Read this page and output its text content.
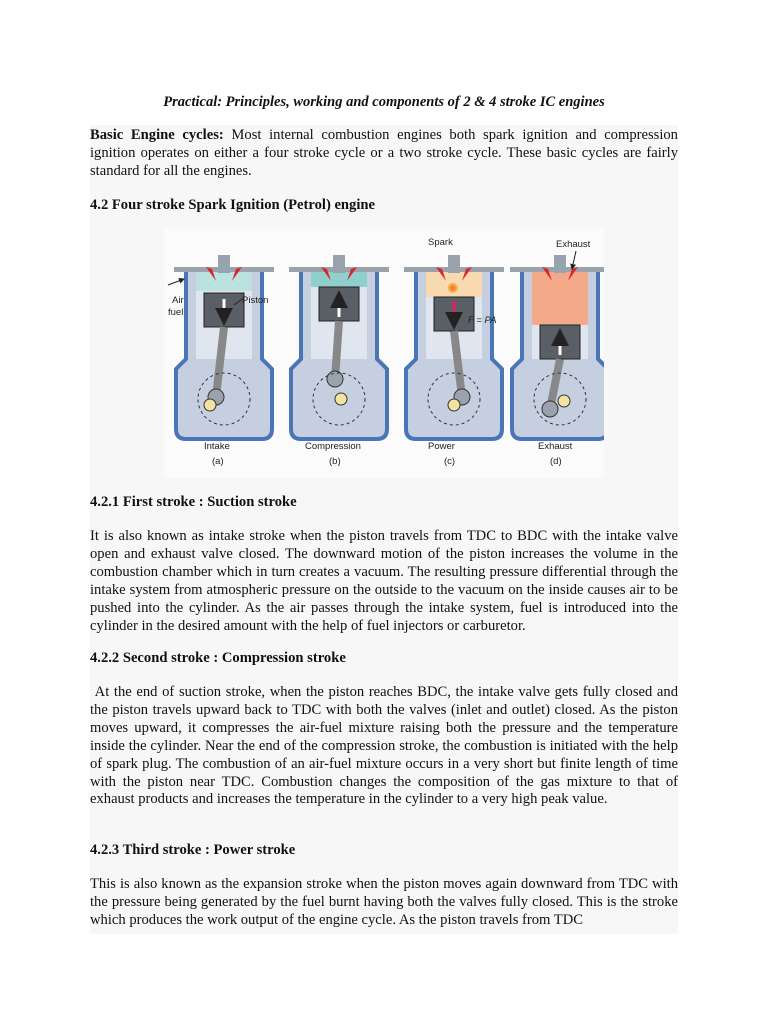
Practical: Principles, working and components of 2 & 4 stroke IC engines

Basic Engine cycles: Most internal combustion engines both spark ignition and compression ignition operates on either a four stroke cycle or a two stroke cycle. These basic cycles are fairly standard for all the engines.

4.2 Four stroke Spark Ignition (Petrol) engine

Air
fuel
Piston
Intake
(a)
Compression
(b)
✺
Spark
F = PA
Power
(c)
Exhaust
Exhaust
(d)

4.2.1 First stroke : Suction stroke

It is also known as intake stroke when the piston travels from TDC to BDC with the intake valve open and exhaust valve closed. The downward motion of the piston increases the volume in the combustion chamber which in turn creates a vacuum. The resulting pressure differential through the intake system from atmospheric pressure on the outside to the vacuum on the inside causes air to be pushed into the cylinder. As the air passes through the intake system, fuel is introduced into the cylinder in the desired amount with the help of fuel injectors or carburetor.

4.2.2 Second stroke : Compression stroke

At the end of suction stroke, when the piston reaches BDC, the intake valve gets fully closed and the piston travels upward back to TDC with both the valves (inlet and outlet) closed. As the piston moves upward, it compresses the air-fuel mixture raising both the pressure and the temperature inside the cylinder. Near the end of the compression stroke, the combustion is initiated with the help of spark plug. The combustion of an air-fuel mixture occurs in a very short but finite length of time with the piston near TDC. Combustion changes the composition of the gas mixture to that of exhaust products and increases the temperature in the cylinder to a very high peak value.

4.2.3 Third stroke : Power stroke

This is also known as the expansion stroke when the piston moves again downward from TDC with the pressure being generated by the fuel burnt having both the valves fully closed. This is the stroke which produces the work output of the engine cycle. As the piston travels from TDC
